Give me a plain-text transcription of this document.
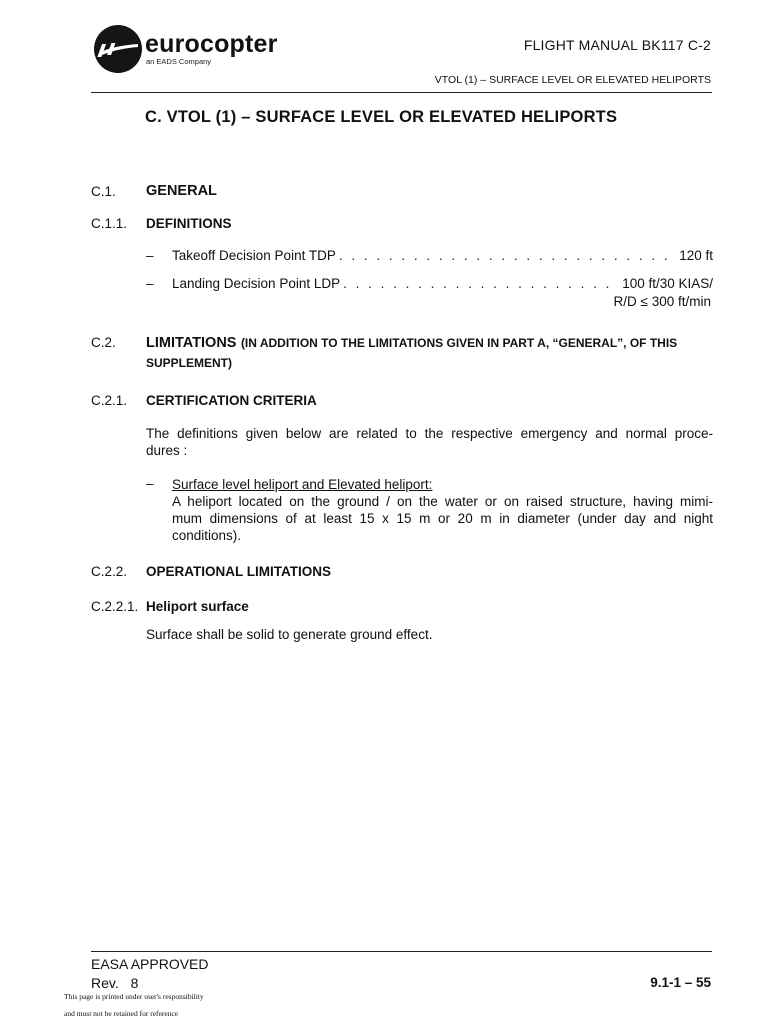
eurocopter
an EADS Company
FLIGHT MANUAL BK117 C-2
VTOL (1) – SURFACE LEVEL OR ELEVATED HELIPORTS
C. VTOL (1) – SURFACE LEVEL OR ELEVATED HELIPORTS
C.1. GENERAL
C.1.1. DEFINITIONS
– Takeoff Decision Point TDP . . .	120 ft
– Landing Decision Point LDP . . .	100 ft/30 KIAS/
R/D ≤ 300 ft/min
C.2. LIMITATIONS (IN ADDITION TO THE LIMITATIONS GIVEN IN PART A, “GENERAL”, OF THIS
SUPPLEMENT)
C.2.1. CERTIFICATION CRITERIA
The definitions given below are related to the respective emergency and normal proce-
dures :
– Surface level heliport and Elevated heliport:
A heliport located on the ground / on the water or on raised structure, having mimi-
mum dimensions of at least 15 x 15 m or 20 m in diameter (under day and night
conditions).
C.2.2. OPERATIONAL LIMITATIONS
C.2.2.1. Heliport surface
Surface shall be solid to generate ground effect.
EASA APPROVED
Rev. 8	9.1-1 – 55
This page is printed under user's responsibility
and must not be retained for reference
